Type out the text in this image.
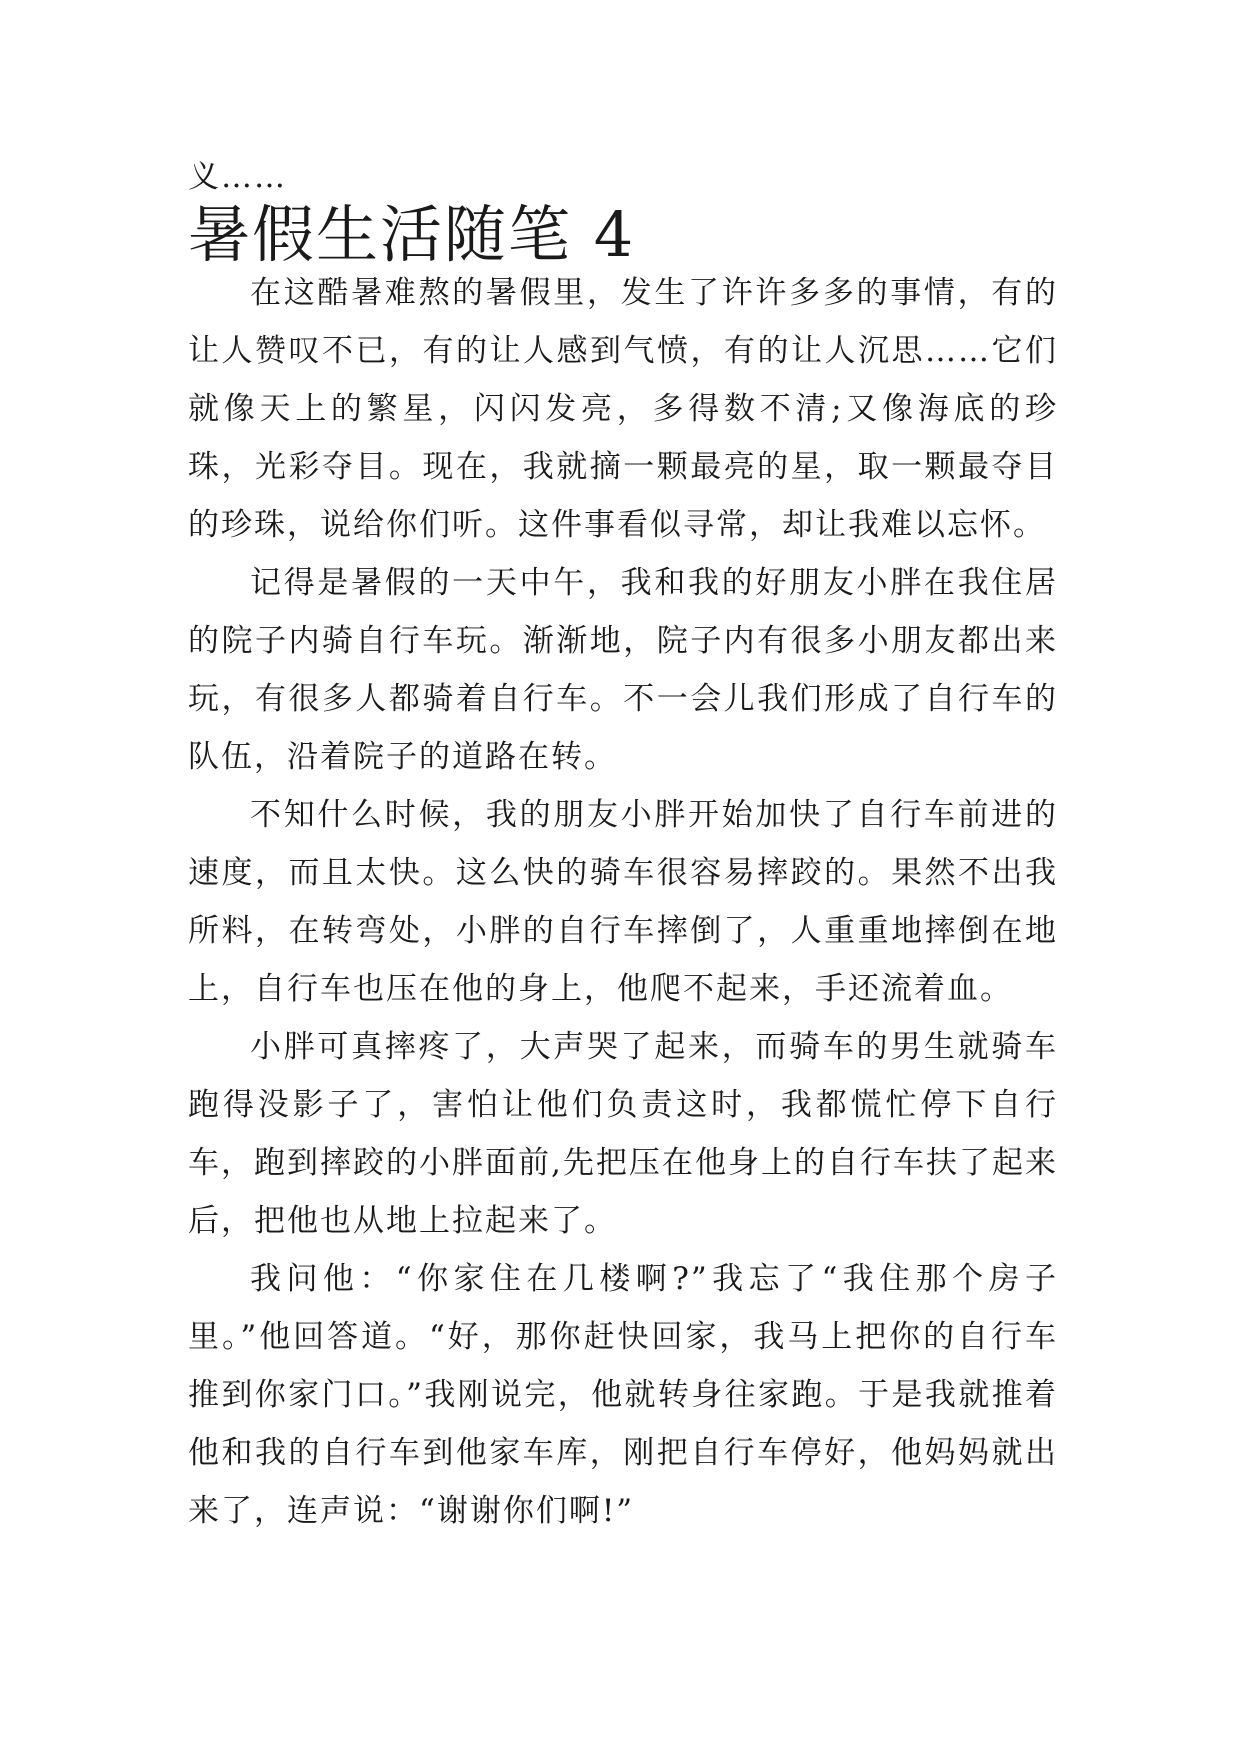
义……

暑假生活随笔 4

在这酷暑难熬的暑假里，发生了许许多多的事情，有的让人赞叹不已，有的让人感到气愤，有的让人沉思……它们就像天上的繁星，闪闪发亮，多得数不清;又像海底的珍珠，光彩夺目。现在，我就摘一颗最亮的星，取一颗最夺目的珍珠，说给你们听。这件事看似寻常，却让我难以忘怀。

记得是暑假的一天中午，我和我的好朋友小胖在我住居的院子内骑自行车玩。渐渐地，院子内有很多小朋友都出来玩，有很多人都骑着自行车。不一会儿我们形成了自行车的队伍，沿着院子的道路在转。

不知什么时候，我的朋友小胖开始加快了自行车前进的速度，而且太快。这么快的骑车很容易摔跤的。果然不出我所料，在转弯处，小胖的自行车摔倒了，人重重地摔倒在地上，自行车也压在他的身上，他爬不起来，手还流着血。

小胖可真摔疼了，大声哭了起来，而骑车的男生就骑车跑得没影子了，害怕让他们负责这时，我都慌忙停下自行车，跑到摔跤的小胖面前,先把压在他身上的自行车扶了起来后，把他也从地上拉起来了。

我问他：“你家住在几楼啊?”我忘了“我住那个房子里。”他回答道。“好，那你赶快回家，我马上把你的自行车推到你家门口。”我刚说完，他就转身往家跑。于是我就推着他和我的自行车到他家车库，刚把自行车停好，他妈妈就出来了，连声说：“谢谢你们啊!”
